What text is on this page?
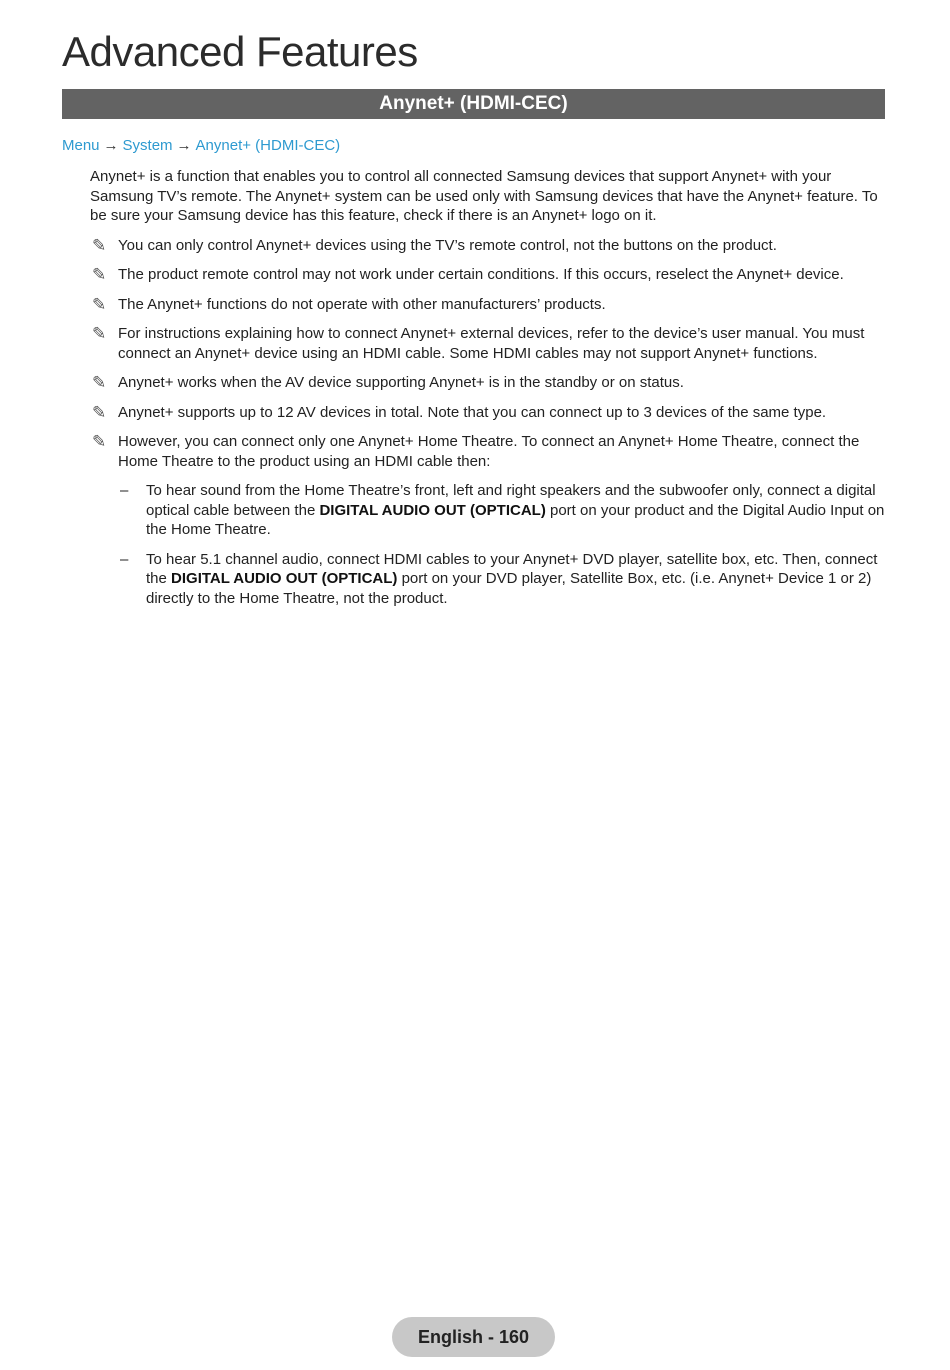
Advanced Features
Anynet+ (HDMI-CEC)
Menu → System → Anynet+ (HDMI-CEC)

Anynet+ is a function that enables you to control all connected Samsung devices that support Anynet+ with your Samsung TV’s remote. The Anynet+ system can be used only with Samsung devices that have the Anynet+ feature. To be sure your Samsung device has this feature, check if there is an Anynet+ logo on it.

✎ You can only control Anynet+ devices using the TV’s remote control, not the buttons on the product.
✎ The product remote control may not work under certain conditions. If this occurs, reselect the Anynet+ device.
✎ The Anynet+ functions do not operate with other manufacturers’ products.
✎ For instructions explaining how to connect Anynet+ external devices, refer to the device’s user manual. You must connect an Anynet+ device using an HDMI cable. Some HDMI cables may not support Anynet+ functions.
✎ Anynet+ works when the AV device supporting Anynet+ is in the standby or on status.
✎ Anynet+ supports up to 12 AV devices in total. Note that you can connect up to 3 devices of the same type.
✎ However, you can connect only one Anynet+ Home Theatre. To connect an Anynet+ Home Theatre, connect the Home Theatre to the product using an HDMI cable then:
– To hear sound from the Home Theatre’s front, left and right speakers and the subwoofer only, connect a digital optical cable between the DIGITAL AUDIO OUT (OPTICAL) port on your product and the Digital Audio Input on the Home Theatre.
– To hear 5.1 channel audio, connect HDMI cables to your Anynet+ DVD player, satellite box, etc. Then, connect the DIGITAL AUDIO OUT (OPTICAL) port on your DVD player, Satellite Box, etc. (i.e. Anynet+ Device 1 or 2) directly to the Home Theatre, not the product.
English - 160
